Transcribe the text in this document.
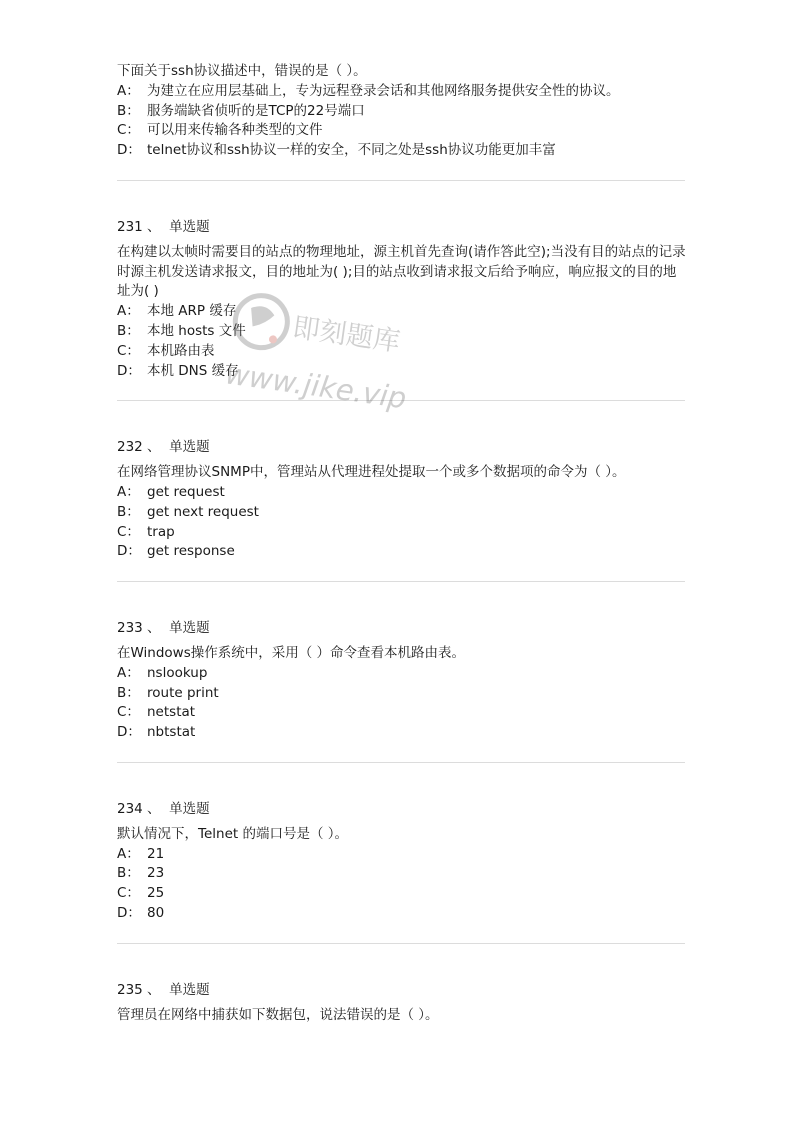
下面关于ssh协议描述中，错误的是（ ）。
A： 为建立在应用层基础上，专为远程登录会话和其他网络服务提供安全性的协议。
B： 服务端缺省侦听的是TCP的22号端口
C： 可以用来传输各种类型的文件
D： telnet协议和ssh协议一样的安全，不同之处是ssh协议功能更加丰富
231 、 单选题
在构建以太帧时需要目的站点的物理地址，源主机首先查询(请作答此空);当没有目的站点的记录时源主机发送请求报文，目的地址为( );目的站点收到请求报文后给予响应，响应报文的目的地址为( )
A： 本地 ARP 缓存
B： 本地 hosts 文件
C： 本机路由表
D： 本机 DNS 缓存
232 、 单选题
在网络管理协议SNMP中，管理站从代理进程处提取一个或多个数据项的命令为（ ）。
A： get request
B： get next request
C： trap
D： get response
233 、 单选题
在Windows操作系统中，采用（ ）命令查看本机路由表。
A： nslookup
B： route print
C： netstat
D： nbtstat
234 、 单选题
默认情况下，Telnet 的端口号是（ ）。
A： 21
B： 23
C： 25
D： 80
235 、 单选题
管理员在网络中捕获如下数据包，说法错误的是（ ）。
即刻题库
www.jike.vip
